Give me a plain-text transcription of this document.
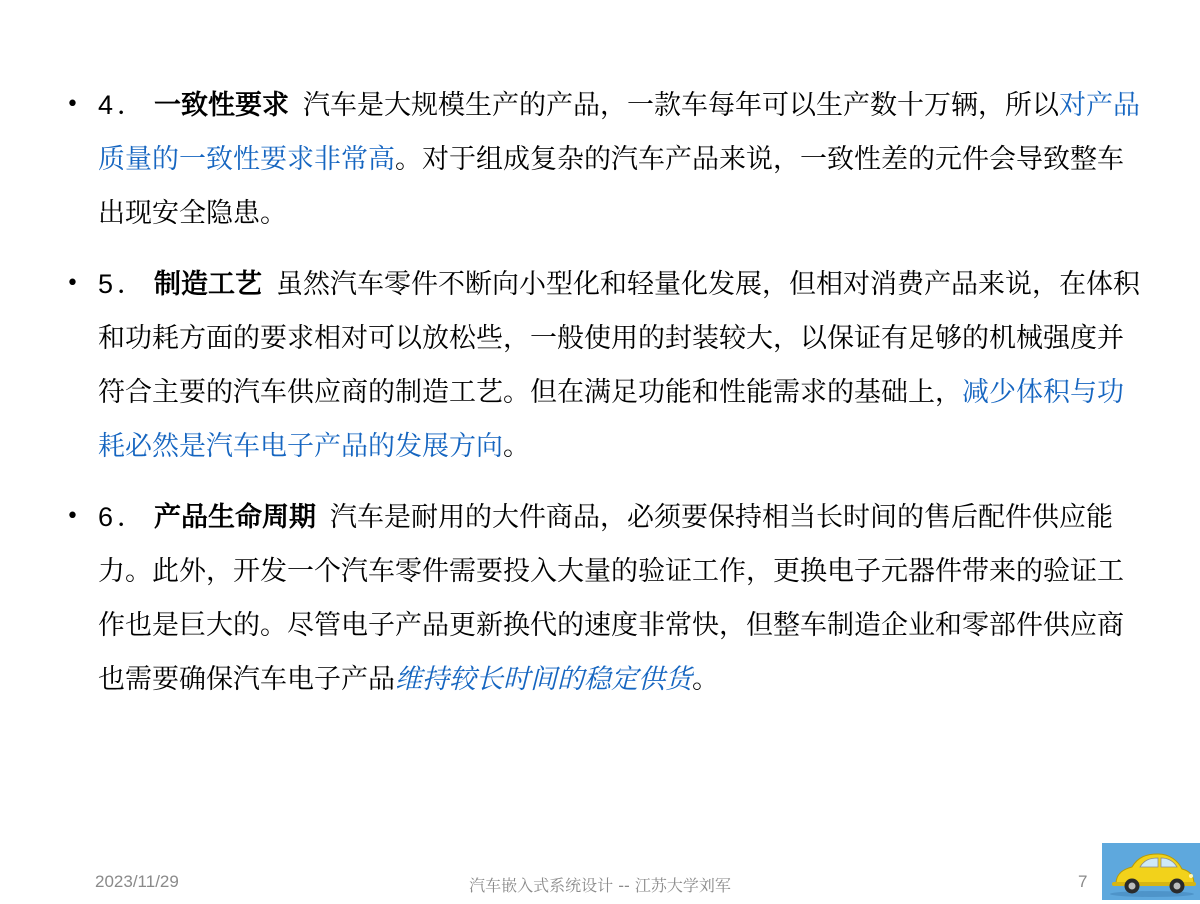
• 4． 一致性要求 汽车是大规模生产的产品，一款车每年可以生产数十万辆，所以对产品质量的一致性要求非常高。对于组成复杂的汽车产品来说，一致性差的元件会导致整车出现安全隐患。
• 5． 制造工艺 虽然汽车零件不断向小型化和轻量化发展，但相对消费产品来说，在体积和功耗方面的要求相对可以放松些，一般使用的封装较大，以保证有足够的机械强度并符合主要的汽车供应商的制造工艺。但在满足功能和性能需求的基础上，减少体积与功耗必然是汽车电子产品的发展方向。
• 6． 产品生命周期 汽车是耐用的大件商品，必须要保持相当长时间的售后配件供应能力。此外，开发一个汽车零件需要投入大量的验证工作，更换电子元器件带来的验证工作也是巨大的。尽管电子产品更新换代的速度非常快，但整车制造企业和零部件供应商也需要确保汽车电子产品维持较长时间的稳定供货。
2023/11/29	汽车嵌入式系统设计 -- 江苏大学刘军	7
